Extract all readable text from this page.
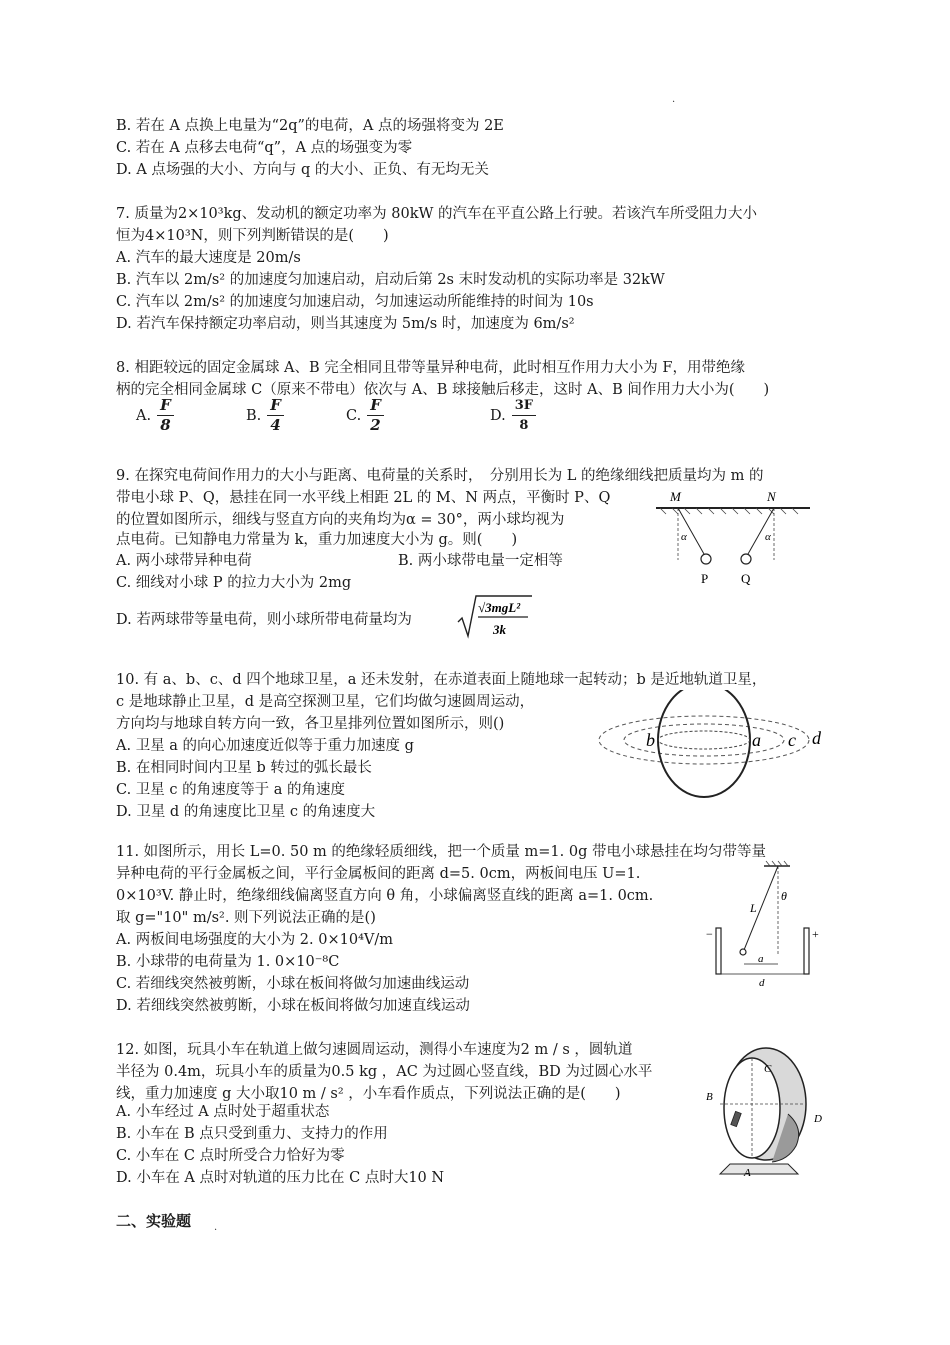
.
B. 若在 A 点换上电量为“2q”的电荷，A 点的场强将变为 2E
C. 若在 A 点移去电荷“q”，A 点的场强变为零
D. A 点场强的大小、方向与 q 的大小、正负、有无均无关
7. 质量为2×10³kg、发动机的额定功率为 80kW 的汽车在平直公路上行驶。若该汽车所受阻力大小
恒为4×10³N，则下列判断错误的是(　　)
A. 汽车的最大速度是 20m/s
B. 汽车以 2m/s² 的加速度匀加速启动，启动后第 2s 末时发动机的实际功率是 32kW
C. 汽车以 2m/s² 的加速度匀加速启动，匀加速运动所能维持的时间为 10s
D. 若汽车保持额定功率启动，则当其速度为 5m/s 时，加速度为 6m/s²
8. 相距较远的固定金属球 A、B 完全相同且带等量异种电荷，此时相互作用力大小为 F，用带绝缘
柄的完全相同金属球 C（原来不带电）依次与 A、B 球接触后移走，这时 A、B 间作用力大小为(　　)
A. $\frac{F}{8}$	B. $\frac{F}{4}$	C. $\frac{F}{2}$	D. $\frac{3F}{8}$
9. 在探究电荷间作用力的大小与距离、电荷量的关系时，　分别用长为 L 的绝缘细线把质量均为 m 的
带电小球 P、Q，悬挂在同一水平线上相距 2L 的 M、N 两点，平衡时 P、Q
的位置如图所示，细线与竖直方向的夹角均为α = 30°，两小球均视为
点电荷。已知静电力常量为 k，重力加速度大小为 g。则(　　)
A. 两小球带异种电荷	B. 两小球带电量一定相等
C. 细线对小球 P 的拉力大小为 2mg
D. 若两球带等量电荷，则小球所带电荷量均为
√3mgL²
3k
M	N
α	α
P	Q
10. 有 a、b、c、d 四个地球卫星，a 还未发射，在赤道表面上随地球一起转动；b 是近地轨道卫星，
c 是地球静止卫星，d 是高空探测卫星，它们均做匀速圆周运动，
方向均与地球自转方向一致，各卫星排列位置如图所示，则()
A. 卫星 a 的向心加速度近似等于重力加速度 g
B. 在相同时间内卫星 b 转过的弧长最长
C. 卫星 c 的角速度等于 a 的角速度
D. 卫星 d 的角速度比卫星 c 的角速度大
b	a c d
11. 如图所示，用长 L=0. 50 m 的绝缘轻质细线，把一个质量 m=1. 0g 带电小球悬挂在均匀带等量
异种电荷的平行金属板之间，平行金属板间的距离 d=5. 0cm，两板间电压 U=1.
0×10³V. 静止时，绝缘细线偏离竖直方向 θ 角，小球偏离竖直线的距离 a=1. 0cm.
取 g="10" m/s². 则下列说法正确的是()
A. 两板间电场强度的大小为 2. 0×10⁴V/m
B. 小球带的电荷量为 1. 0×10⁻⁸C
C. 若细线突然被剪断，小球在板间将做匀加速曲线运动
D. 若细线突然被剪断，小球在板间将做匀加速直线运动
L
θ
−	+
a
d
12. 如图，玩具小车在轨道上做匀速圆周运动，测得小车速度为2 m / s ，圆轨道
半径为 0.4m，玩具小车的质量为0.5 kg ，AC 为过圆心竖直线，BD 为过圆心水平
线，重力加速度 g 大小取10 m / s² ，小车看作质点，下列说法正确的是(　　)
A. 小车经过 A 点时处于超重状态
B. 小车在 B 点只受到重力、支持力的作用
C. 小车在 C 点时所受合力恰好为零
D. 小车在 A 点时对轨道的压力比在 C 点时大10 N
C
B
D
A
二、实验题 .
